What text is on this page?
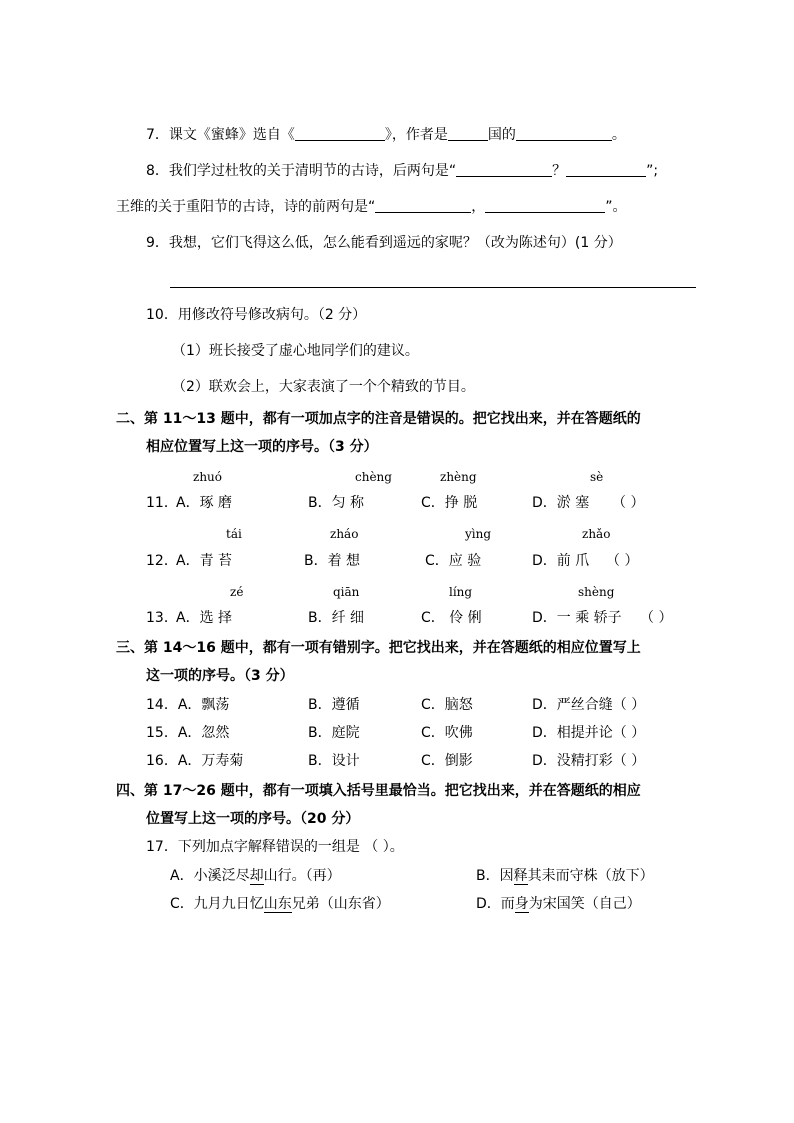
7．课文《蜜蜂》选自《	》，作者是	国的	。
8．我们学过杜牧的关于清明节的古诗，后两句是“	？	”;
王维的关于重阳节的古诗，诗的前两句是“	，	”。
9．我想，它们飞得这么低，怎么能看到遥远的家呢？（改为陈述句）(1 分）
10．用修改符号修改病句。（2 分）
（1）班长接受了虚心地同学们的建议。
（2）联欢会上，大家表演了一个个精致的节目。
二、第 11～13 题中，都有一项加点字的注音是错误的。把它找出来，并在答题纸的
相应位置写上这一项的序号。（3 分）
zhuó	chèng	zhèng	sè
11．
A．琢 磨	B．匀 称	C．挣 脱	D．淤 塞 （ ）
tái	zháo	yìng	zhǎo
12．
A．青 苔	B．着 想	C．应 验	D．前 爪 （ ）
zé	qiān	líng	shèng
13．
A．选 择	B．纤 细	C． 伶 俐	D．一 乘 轿子 （ ）
三、第 14～16 题中，都有一项有错别字。把它找出来，并在答题纸的相应位置写上
这一项的序号。（3 分）
14．A．飘荡	B．遵循	C．脑怒	D．严丝合缝（ ）
15．A．忽然	B．庭院	C．吹佛	D．相提并论（ ）
16．A．万寿菊	B．设计	C．倒影	D．没精打彩（ ）
四、第 17～26 题中，都有一项填入括号里最恰当。把它找出来，并在答题纸的相应
位置写上这一项的序号。（20 分）
17．下列加点字解释错误的一组是 （ ）。
A．小溪泛尽却山行。（再）	B．因释其耒而守株（放下）
C．九月九日忆山东兄弟（山东省）	D．而身为宋国笑（自己）
